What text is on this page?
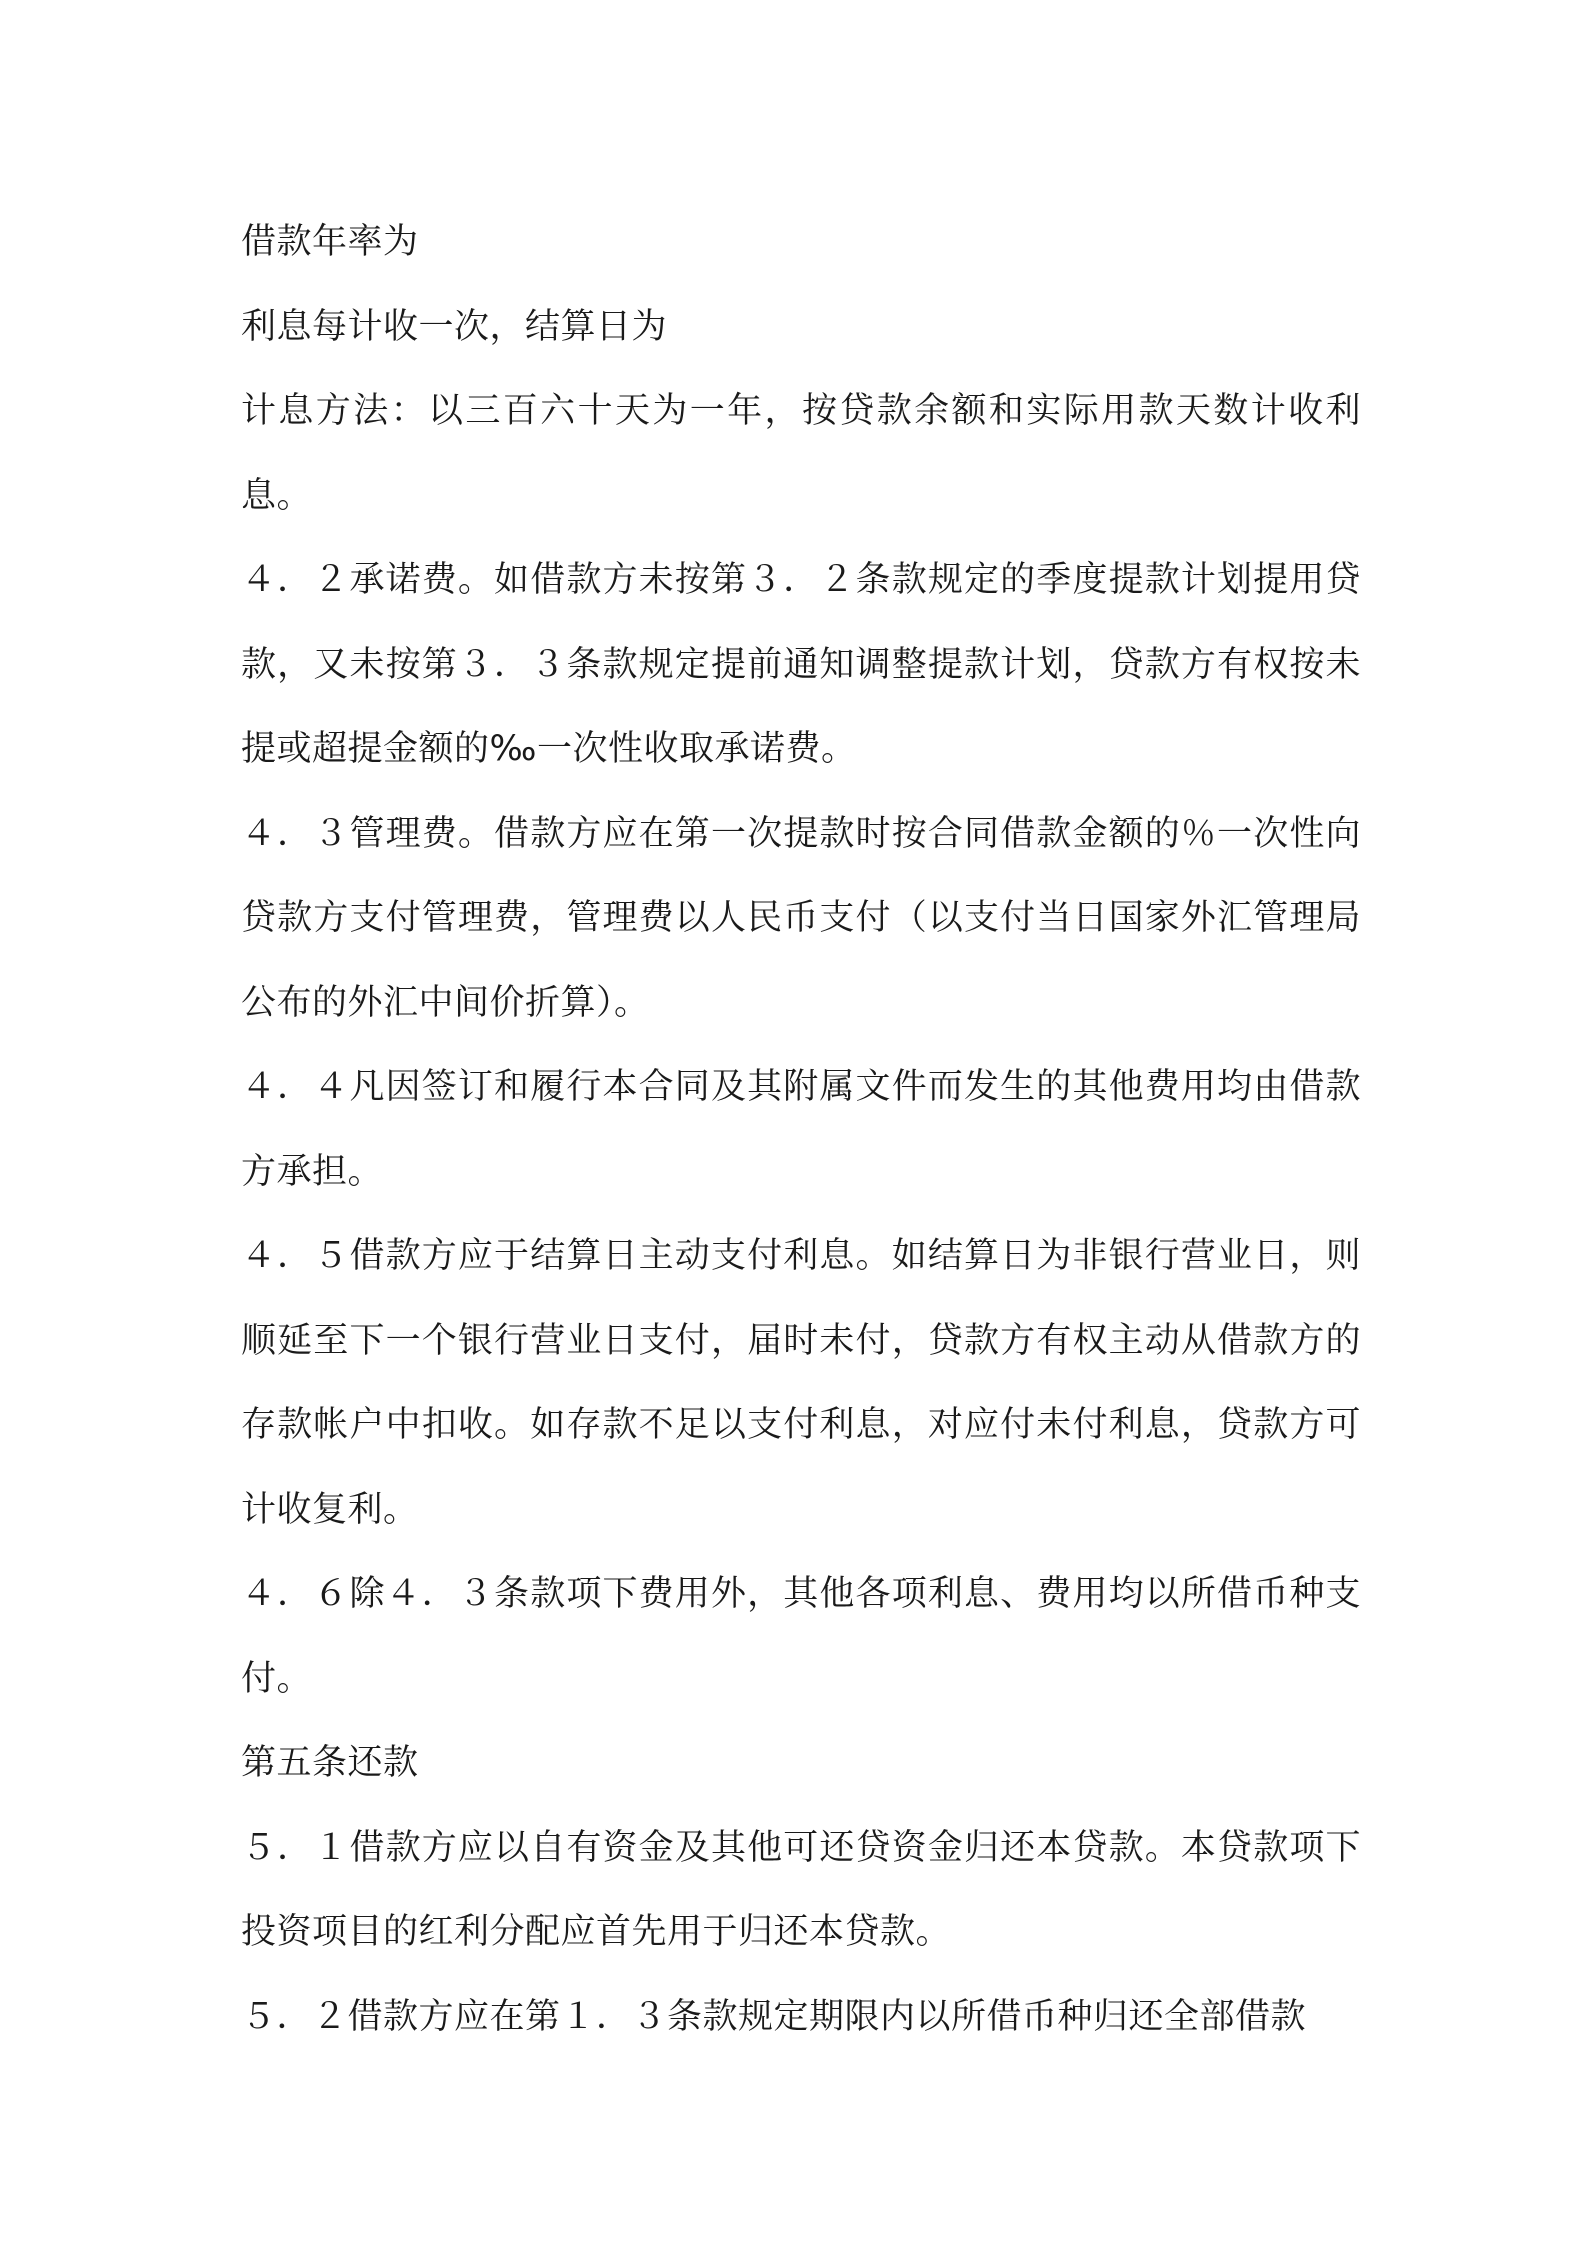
借款年率为

利息每计收一次，结算日为

计息方法：以三百六十天为一年，按贷款余额和实际用款天数计收利息。

４．２承诺费。如借款方未按第３．２条款规定的季度提款计划提用贷款，又未按第３．３条款规定提前通知调整提款计划，贷款方有权按未提或超提金额的‰一次性收取承诺费。

４．３管理费。借款方应在第一次提款时按合同借款金额的％一次性向贷款方支付管理费，管理费以人民币支付（以支付当日国家外汇管理局公布的外汇中间价折算）。

４．４凡因签订和履行本合同及其附属文件而发生的其他费用均由借款方承担。

４．５借款方应于结算日主动支付利息。如结算日为非银行营业日，则顺延至下一个银行营业日支付，届时未付，贷款方有权主动从借款方的存款帐户中扣收。如存款不足以支付利息，对应付未付利息，贷款方可计收复利。

４．６除４．３条款项下费用外，其他各项利息、费用均以所借币种支付。

第五条还款

５．１借款方应以自有资金及其他可还贷资金归还本贷款。本贷款项下投资项目的红利分配应首先用于归还本贷款。

５．２借款方应在第１．３条款规定期限内以所借币种归还全部借款
